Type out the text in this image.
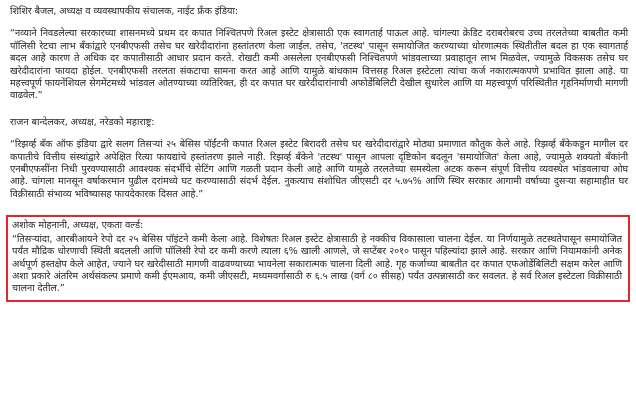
शिशिर बैजल, अध्यक्ष व व्यवस्थापकीय संचालक, नाईट फ्रँक इंडिया:

“नव्याने निवडलेल्या सरकारच्या शासनमध्ये प्रथम दर कपात निश्चितपणे रिअल इस्टेट क्षेत्रासाठी एक स्वागतार्ह पाऊल आहे. चांगल्या क्रेडिट दराबरोबरच उच्च तरलतेच्या बाबतीत कमी पॉलिसी रेटचा लाभ बँकांद्वारे एनबीएफसी तसेच घर खरेदीदारांना हस्तांतरण केला जाईल. तसेच, 'तटस्थ' पासून समायोजित करण्याच्या धोरणात्मक स्थितीतील बदल हा एक स्वागतार्ह बदल आहे कारण ते अधिक दर कपातीसाठी आधार प्रदान करते. रोखटी कमी असलेला एनबीएफसी निश्चितपणे भांडवलाच्या प्रवाहातून लाभ मिळवेल, ज्यामुळे विकसक तसेच घर खरेदीदारांना फायदा होईल. एनबीएफसी तरलता संकटाचा सामना करत आहे आणि यामुळे बांधकाम वित्तसह रिअल इस्टेटला त्यांचा कर्ज नकारात्मकपणे प्रभावित झाला आहे. या महत्त्वपूर्ण फायनेंशियल सेगमेंटमध्ये भांडवल ओतण्याच्या व्यतिरिक्त, ही दर कपात घर खरेदीदारांनाची अफोर्डेबिलिटी देखील सुधारेल आणि या महत्त्वपूर्ण परिस्थितीत गृहनिर्माणची मागणी वाढवेल.”

राजन बान्देलकर, अध्यक्ष, नरेडको महाराष्ट्र:

“रिझर्व्ह बँक ऑफ इंडिया द्वारे सलग तिसऱ्यां २५ बेसिस पॉईंटनी कपात रिअल इस्टेट बिरादरी तसेच घर खरेदीदारांद्वारे मोठ्या प्रमाणात कौतुक केले आहे. रिझर्व्ह बँकेकडून मागील दर कपातीचे वित्तीय संस्थांद्वारे अपेक्षित रित्या फायद्यांचे हस्तांतरण झाले नाही. रिझर्व्ह बँकेने 'तटस्थ' पासून आपला दृष्टिकोन बदलून 'समायोजित' केला आहे, ज्यामुळे शक्यतो बँकांनी एनबीएफसींना निधी पुरवण्यासाठी आवश्यक संदर्भीचे सेटिंग आणि गळती प्रदान केली आहे आणि यामुळे तरलतेच्या समस्येला अटक करून संपूर्ण वित्तीय व्यवस्थेत भांडवलाचा ओघ आहे. चांगला मानसून वर्षाकरमान पुढील दरांमध्ये घट करण्यासाठी संदर्भ देईल. नुकत्याच संशोधित जीएसटी दर ५.७५% आणि स्थिर सरकार आगामी वर्षाच्या दुसऱ्या सहामाहीत घर विक्रीसाठी संभाव्य भविष्यासह फायदेकारक दिसत आहे.”

अशोक मोहनानी, अध्यक्ष, एकता वर्ल्ड:

“तिसऱ्यांदा, आरबीआयने रेपो दर २५ बेसिस पॉइंटने कमी केला आहे. विशेषतः रिअल इस्टेट क्षेत्रासाठी हे नक्कीच विकासाला चालना देईल. या निर्णयामुळे तटस्थतेपासून समायोजित पर्यंत मौद्रिक धोरणाची स्थिती बदलली आणि पॉलिसी रेपो दर कमी करणे त्याला ६% खाली आणले, जे सप्टेंबर २०१० पासून पहिल्यांदा झाले आहे. सरकार आणि नियामकांनी अनेक अर्थपूर्ण हस्तक्षेप केले आहेत, ज्याने घर खरेदीसाठी मागणी वाढवण्याच्या भावनेला सकारात्मक चालना दिली आहे. गृह कर्जाच्या बाबतीत दर कपात एफओर्डेबिलिटी सक्षम करेल आणि अशा प्रकारे अंतरिम अर्थसंकल्प प्रमाणे कमी ईएमआय, कमी जीएसटी, मध्यमवर्गासाठी रु ६.५ लाख (वर्ग ८० सीसह) पर्यंत उत्पन्नासाठी कर सवलत. हे सर्व रिअल इस्टेटला विक्रीसाठी चालना देतील.”
